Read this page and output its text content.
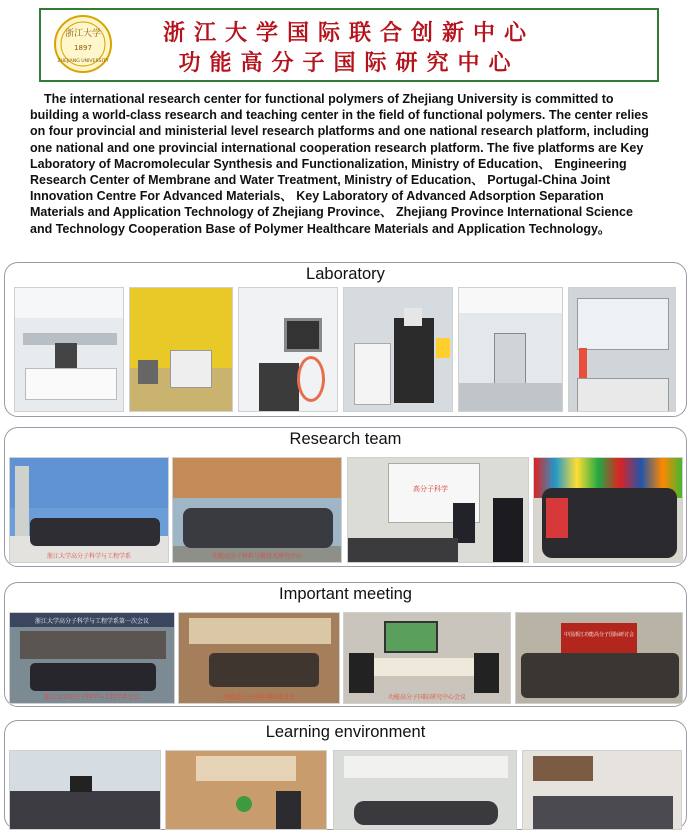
浙江大学
1897
ZHEJIANG UNIVERSITY
浙江大学国际联合创新中心
功能高分子国际研究中心

The international research center for functional polymers of Zhejiang University is committed to building a world-class research and teaching center in the field of functional polymers. The center relies on four provincial and ministerial level research platforms and one national research platform, including one national and one provincial international cooperation research platform. The five platforms are Key Laboratory of Macromolecular Synthesis and Functionalization, Ministry of Education、 Engineering Research Center of Membrane and Water Treatment, Ministry of Education、 Portugal-China Joint Innovation Centre For Advanced Materials、 Key Laboratory of Advanced Adsorption Separation Materials and Application Technology of Zhejiang Province、 Zhejiang Province International Science and Technology Cooperation Base of Polymer Healthcare Materials and Application Technology。

Laboratory
Research team
浙江大学高分子科学与工程学系	功能高分子材料与膜技术研究中心
高分子科学
Important meeting
浙江大学高分子科学与工程学系第一次会议
浙江大学高分子科学与工程学系会议	功能高分子材料国际研讨会	功能高分子国际研究中心会议
中国浙江功能高分子国际研讨会
Learning environment
